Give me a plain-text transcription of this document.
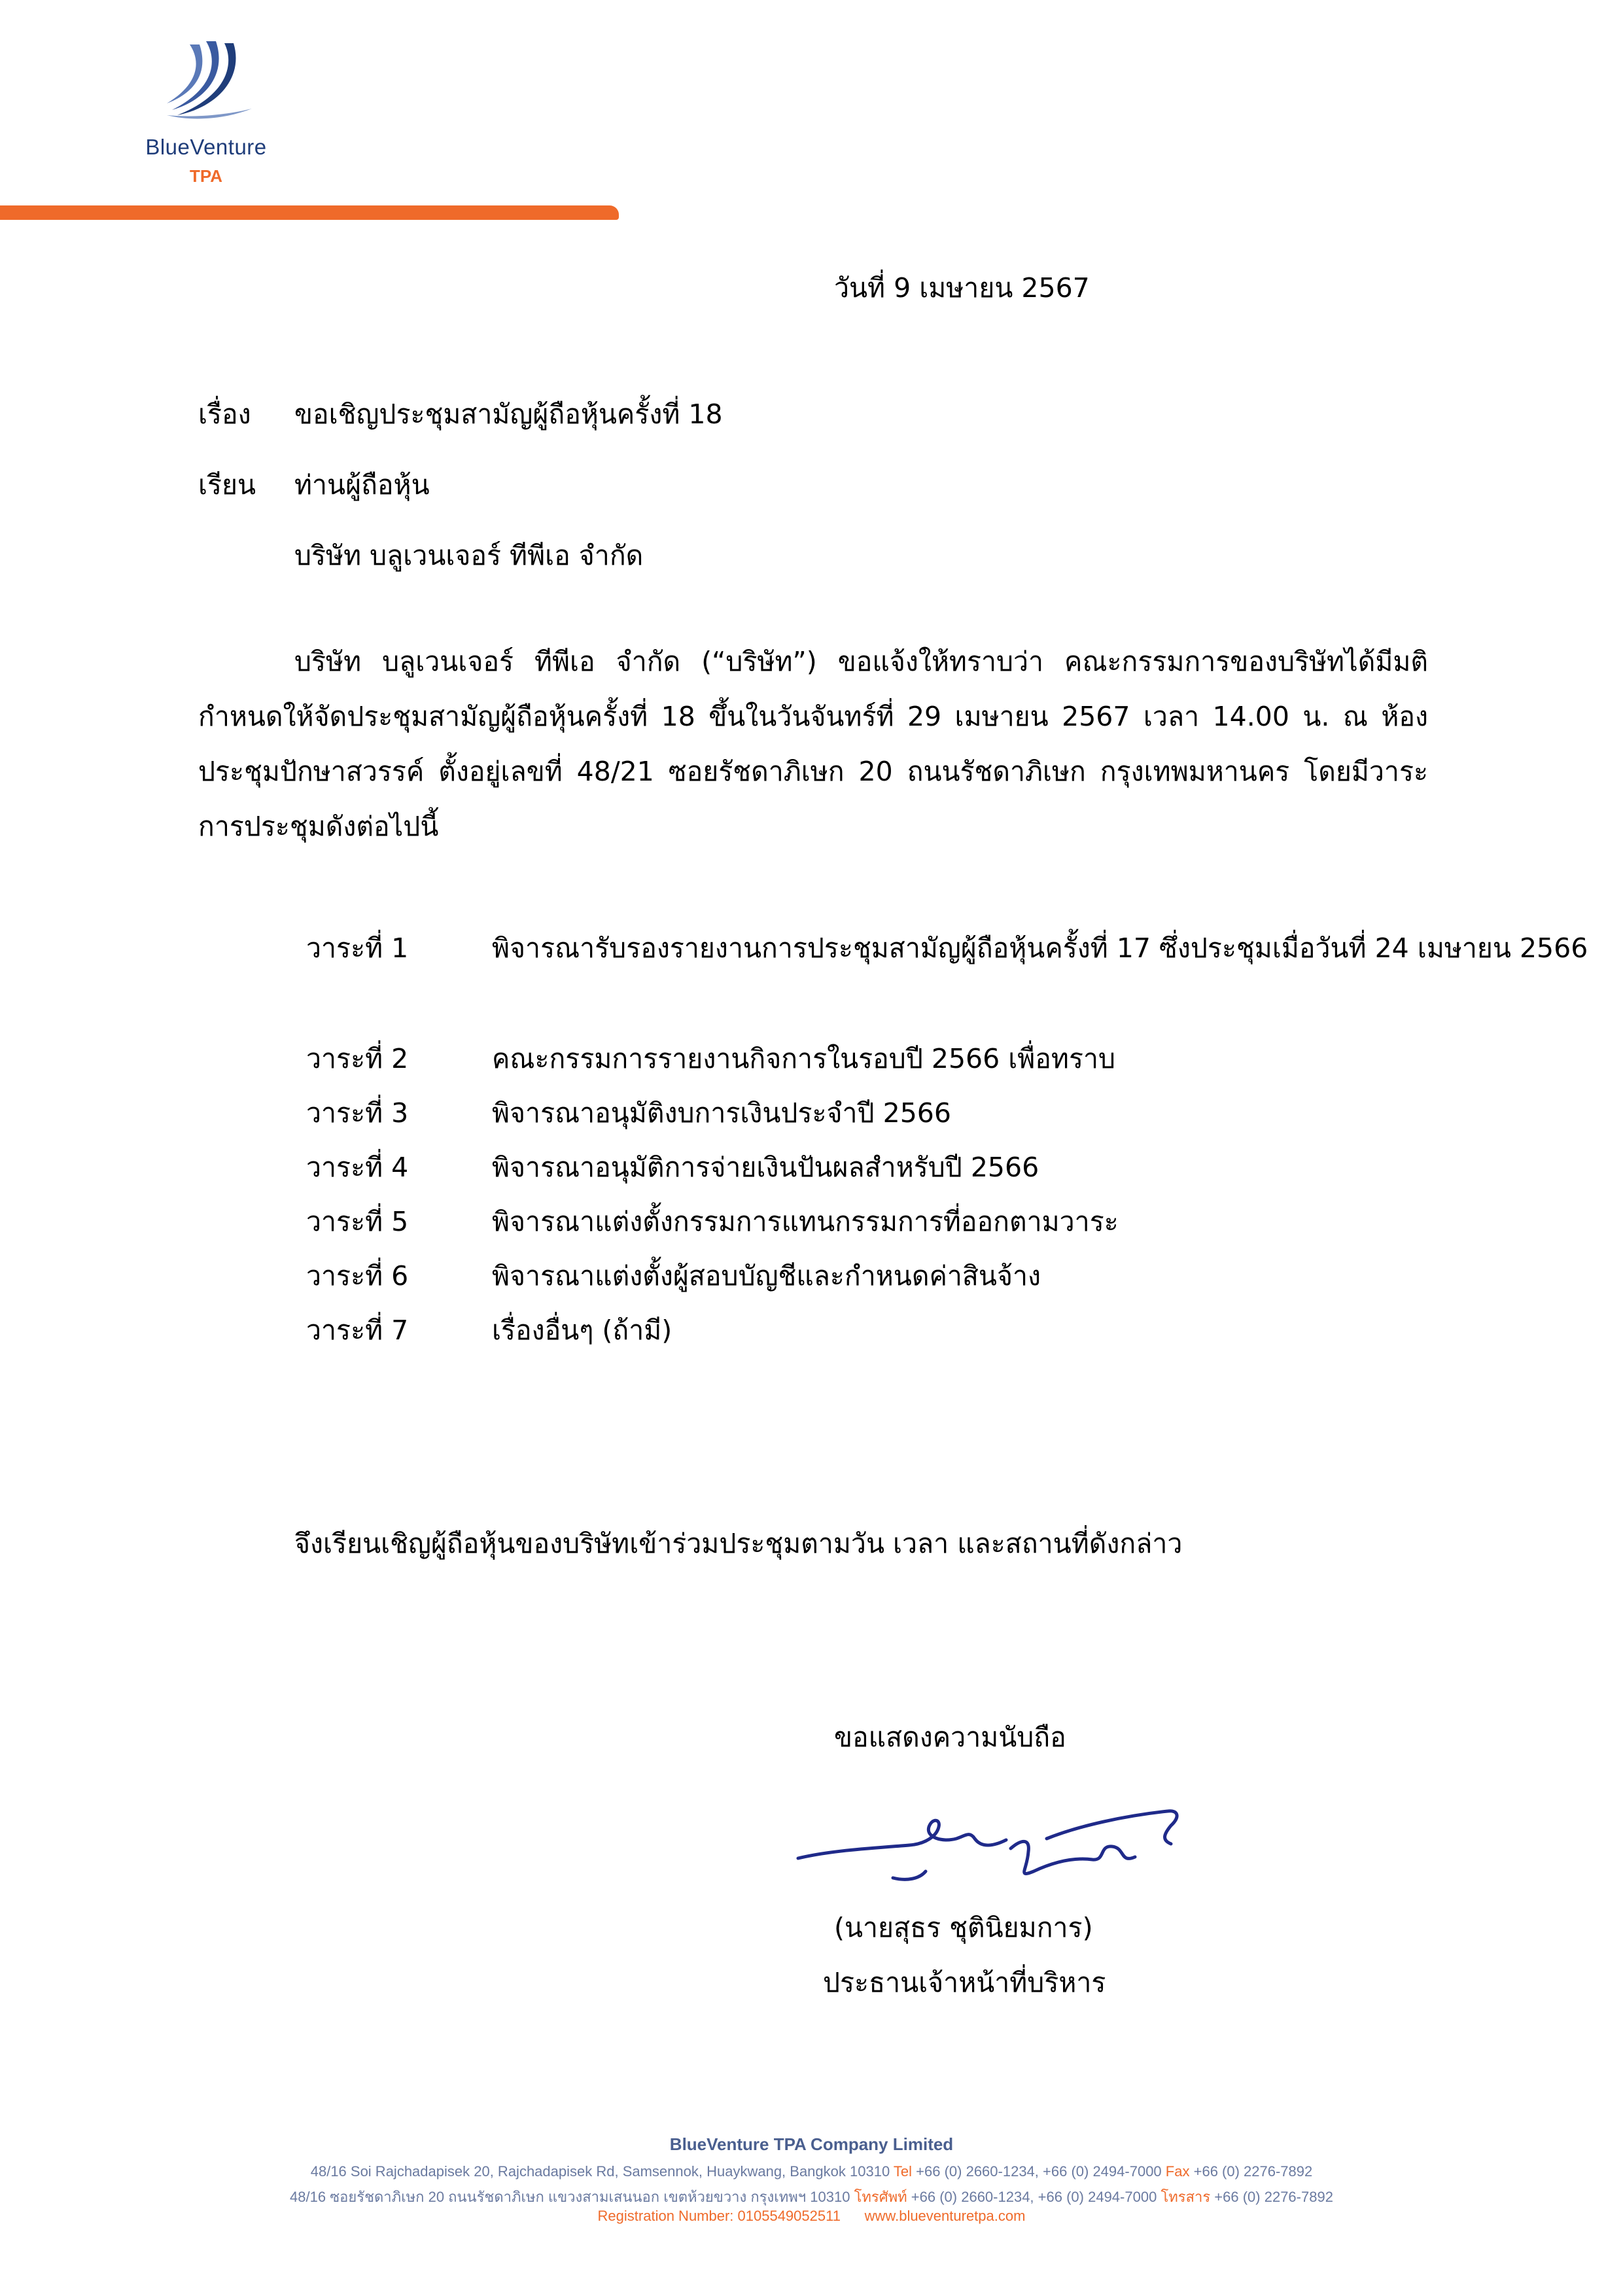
BlueVenture
TPA
วันที่ 9 เมษายน 2567
เรื่อง ขอเชิญประชุมสามัญผู้ถือหุ้นครั้งที่ 18
เรียน ท่านผู้ถือหุ้น
บริษัท บลูเวนเจอร์ ทีพีเอ จำกัด
บริษัท บลูเวนเจอร์ ทีพีเอ จำกัด (“บริษัท”) ขอแจ้งให้ทราบว่า คณะกรรมการของบริษัทได้มีมติกำหนดให้จัดประชุมสามัญผู้ถือหุ้นครั้งที่ 18 ขึ้นในวันจันทร์ที่ 29 เมษายน 2567 เวลา 14.00 น. ณ ห้องประชุมปักษาสวรรค์ ตั้งอยู่เลขที่ 48/21 ซอยรัชดาภิเษก 20 ถนนรัชดาภิเษก กรุงเทพมหานคร โดยมีวาระการประชุมดังต่อไปนี้
วาระที่ 1	พิจารณารับรองรายงานการประชุมสามัญผู้ถือหุ้นครั้งที่ 17 ซึ่งประชุมเมื่อวันที่ 24 เมษายน 2566
วาระที่ 2	คณะกรรมการรายงานกิจการในรอบปี 2566 เพื่อทราบ
วาระที่ 3	พิจารณาอนุมัติงบการเงินประจำปี 2566
วาระที่ 4	พิจารณาอนุมัติการจ่ายเงินปันผลสำหรับปี 2566
วาระที่ 5	พิจารณาแต่งตั้งกรรมการแทนกรรมการที่ออกตามวาระ
วาระที่ 6	พิจารณาแต่งตั้งผู้สอบบัญชีและกำหนดค่าสินจ้าง
วาระที่ 7	เรื่องอื่นๆ (ถ้ามี)
จึงเรียนเชิญผู้ถือหุ้นของบริษัทเข้าร่วมประชุมตามวัน เวลา และสถานที่ดังกล่าว
ขอแสดงความนับถือ
(นายสุธร ชุตินิยมการ)
ประธานเจ้าหน้าที่บริหาร
BlueVenture TPA Company Limited
48/16 Soi Rajchadapisek 20, Rajchadapisek Rd, Samsennok, Huaykwang, Bangkok 10310 Tel +66 (0) 2660-1234, +66 (0) 2494-7000 Fax +66 (0) 2276-7892
48/16 ซอยรัชดาภิเษก 20 ถนนรัชดาภิเษก แขวงสามเสนนอก เขตห้วยขวาง กรุงเทพฯ 10310 โทรศัพท์ +66 (0) 2660-1234, +66 (0) 2494-7000 โทรสาร +66 (0) 2276-7892
Registration Number: 0105549052511 www.blueventuretpa.com
